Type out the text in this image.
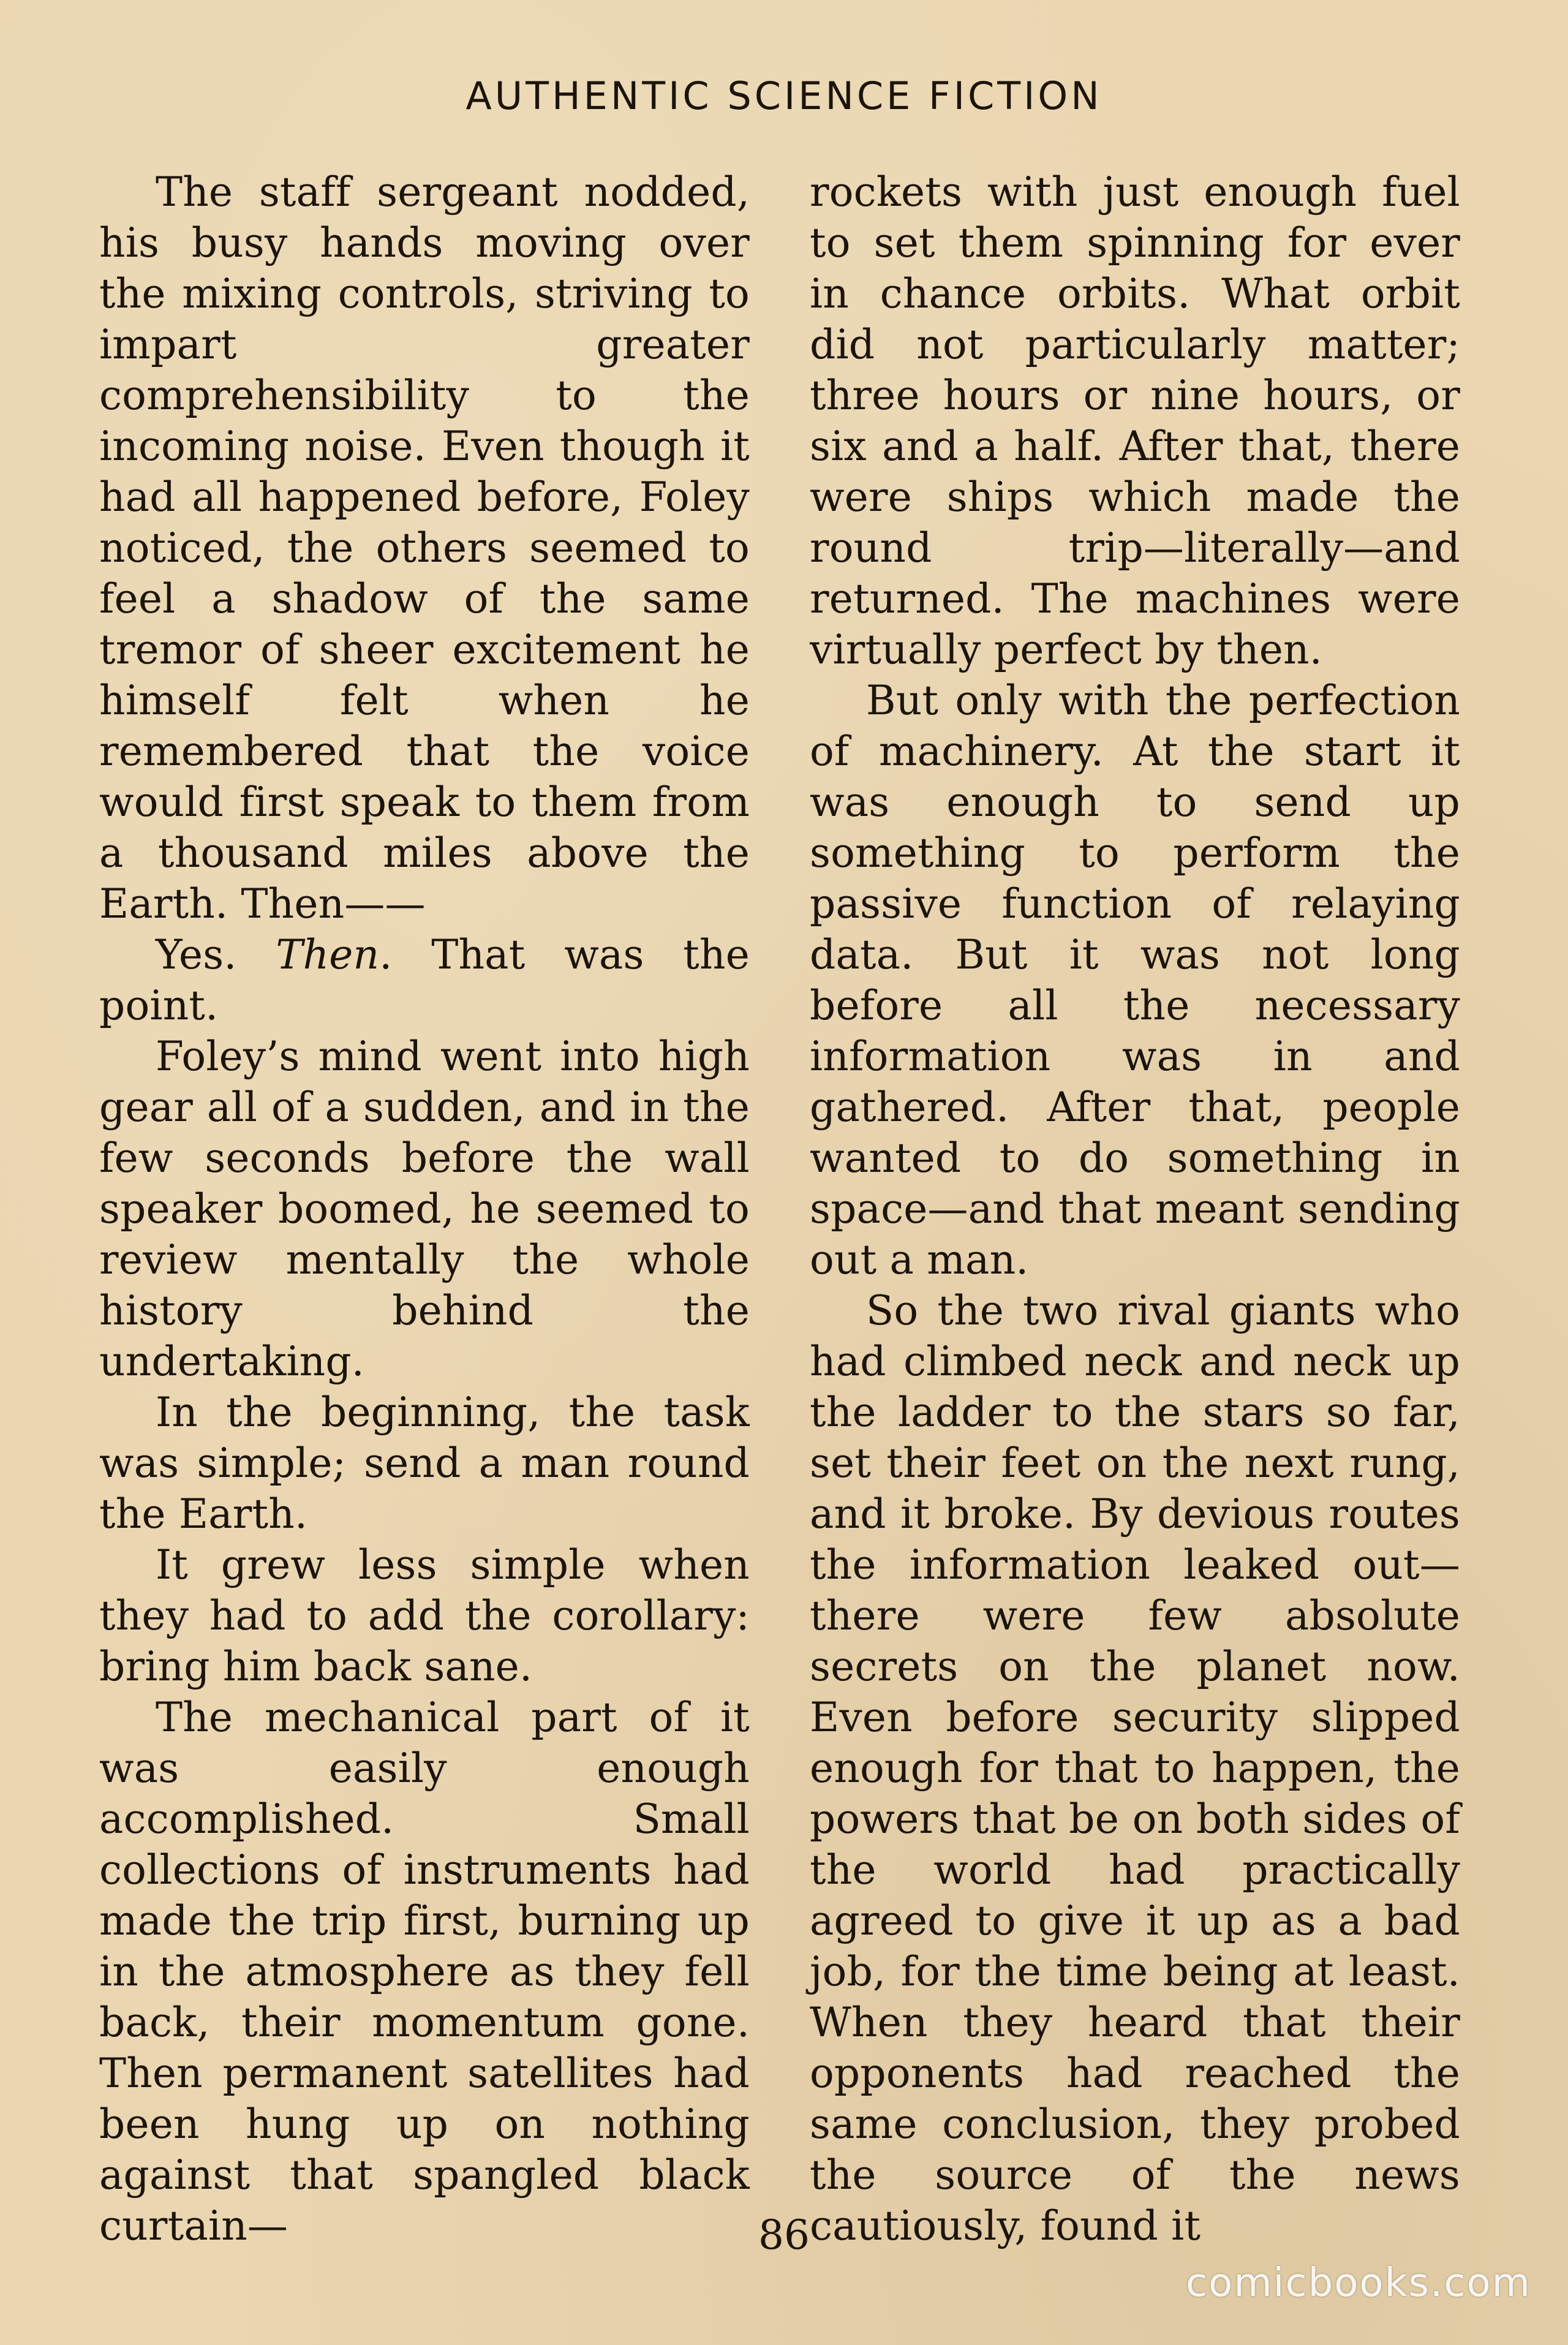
AUTHENTIC SCIENCE FICTION

The staff sergeant nodded, his busy hands moving over the mixing controls, striving to impart greater comprehensibility to the incoming noise. Even though it had all happened before, Foley noticed, the others seemed to feel a shadow of the same tremor of sheer excitement he himself felt when he remembered that the voice would first speak to them from a thousand miles above the Earth. Then——

Yes. Then. That was the point.

Foley’s mind went into high gear all of a sudden, and in the few seconds before the wall speaker boomed, he seemed to review mentally the whole history behind the undertaking.

In the beginning, the task was simple; send a man round the Earth.

It grew less simple when they had to add the corollary: bring him back sane.

The mechanical part of it was easily enough accomplished. Small collections of instruments had made the trip first, burning up in the atmosphere as they fell back, their momentum gone. Then permanent satellites had been hung up on nothing against that spangled black curtain—

rockets with just enough fuel to set them spinning for ever in chance orbits. What orbit did not particularly matter; three hours or nine hours, or six and a half. After that, there were ships which made the round trip—literally—and returned. The machines were virtually perfect by then.

But only with the perfection of machinery. At the start it was enough to send up something to perform the passive function of relaying data. But it was not long before all the necessary information was in and gathered. After that, people wanted to do something in space—and that meant sending out a man.

So the two rival giants who had climbed neck and neck up the ladder to the stars so far, set their feet on the next rung, and it broke. By devious routes the information leaked out—there were few absolute secrets on the planet now. Even before security slipped enough for that to happen, the powers that be on both sides of the world had practically agreed to give it up as a bad job, for the time being at least. When they heard that their opponents had reached the same conclusion, they probed the source of the news cautiously, found it

86
comicbooks.com
